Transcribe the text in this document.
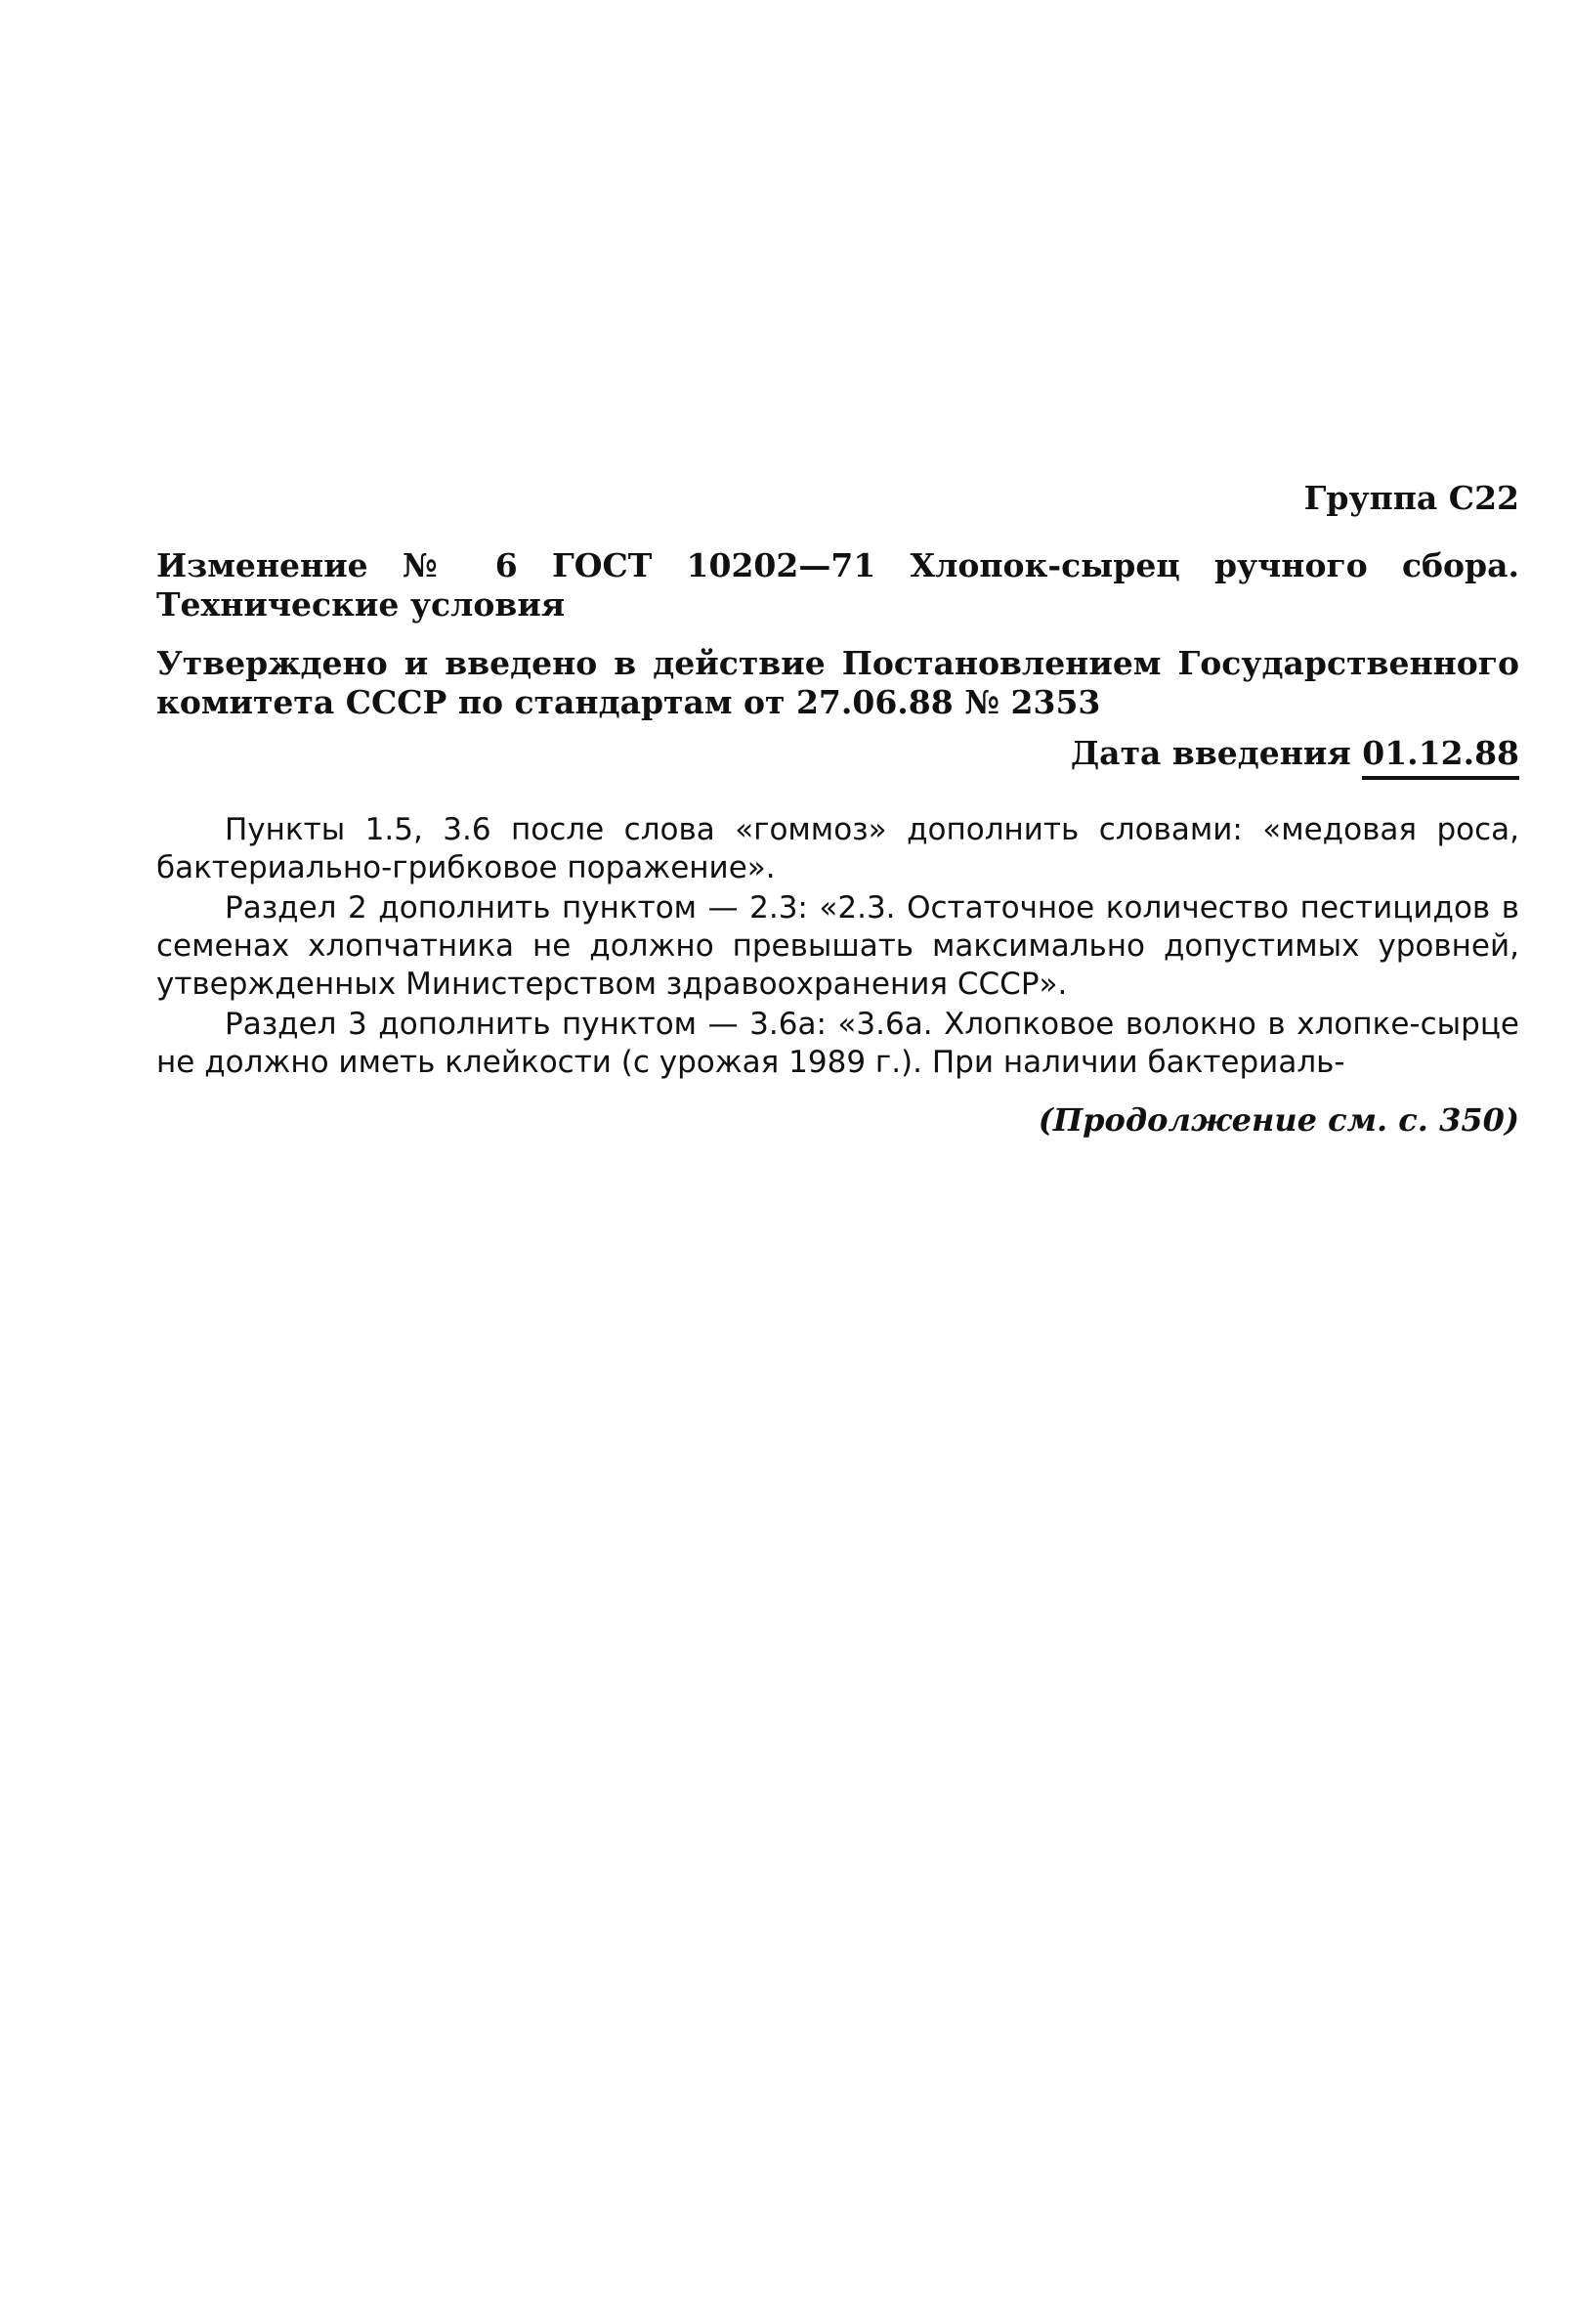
Группа С22
Изменение № 6 ГОСТ 10202—71 Хлопок-сырец ручного сбора. Технические условия
Утверждено и введено в действие Постановлением Государственного комитета СССР по стандартам от 27.06.88 № 2353
Дата введения 01.12.88

Пункты 1.5, 3.6 после слова «гоммоз» дополнить словами: «медовая роса, бактериально-грибковое поражение».

Раздел 2 дополнить пунктом — 2.3: «2.3. Остаточное количество пестицидов в семенах хлопчатника не должно превышать максимально допустимых уровней, утвержденных Министерством здравоохранения СССР».

Раздел 3 дополнить пунктом — 3.6а: «3.6а. Хлопковое волокно в хлопке-сырце не должно иметь клейкости (с урожая 1989 г.). При наличии бактериаль-

(Продолжение см. с. 350)
